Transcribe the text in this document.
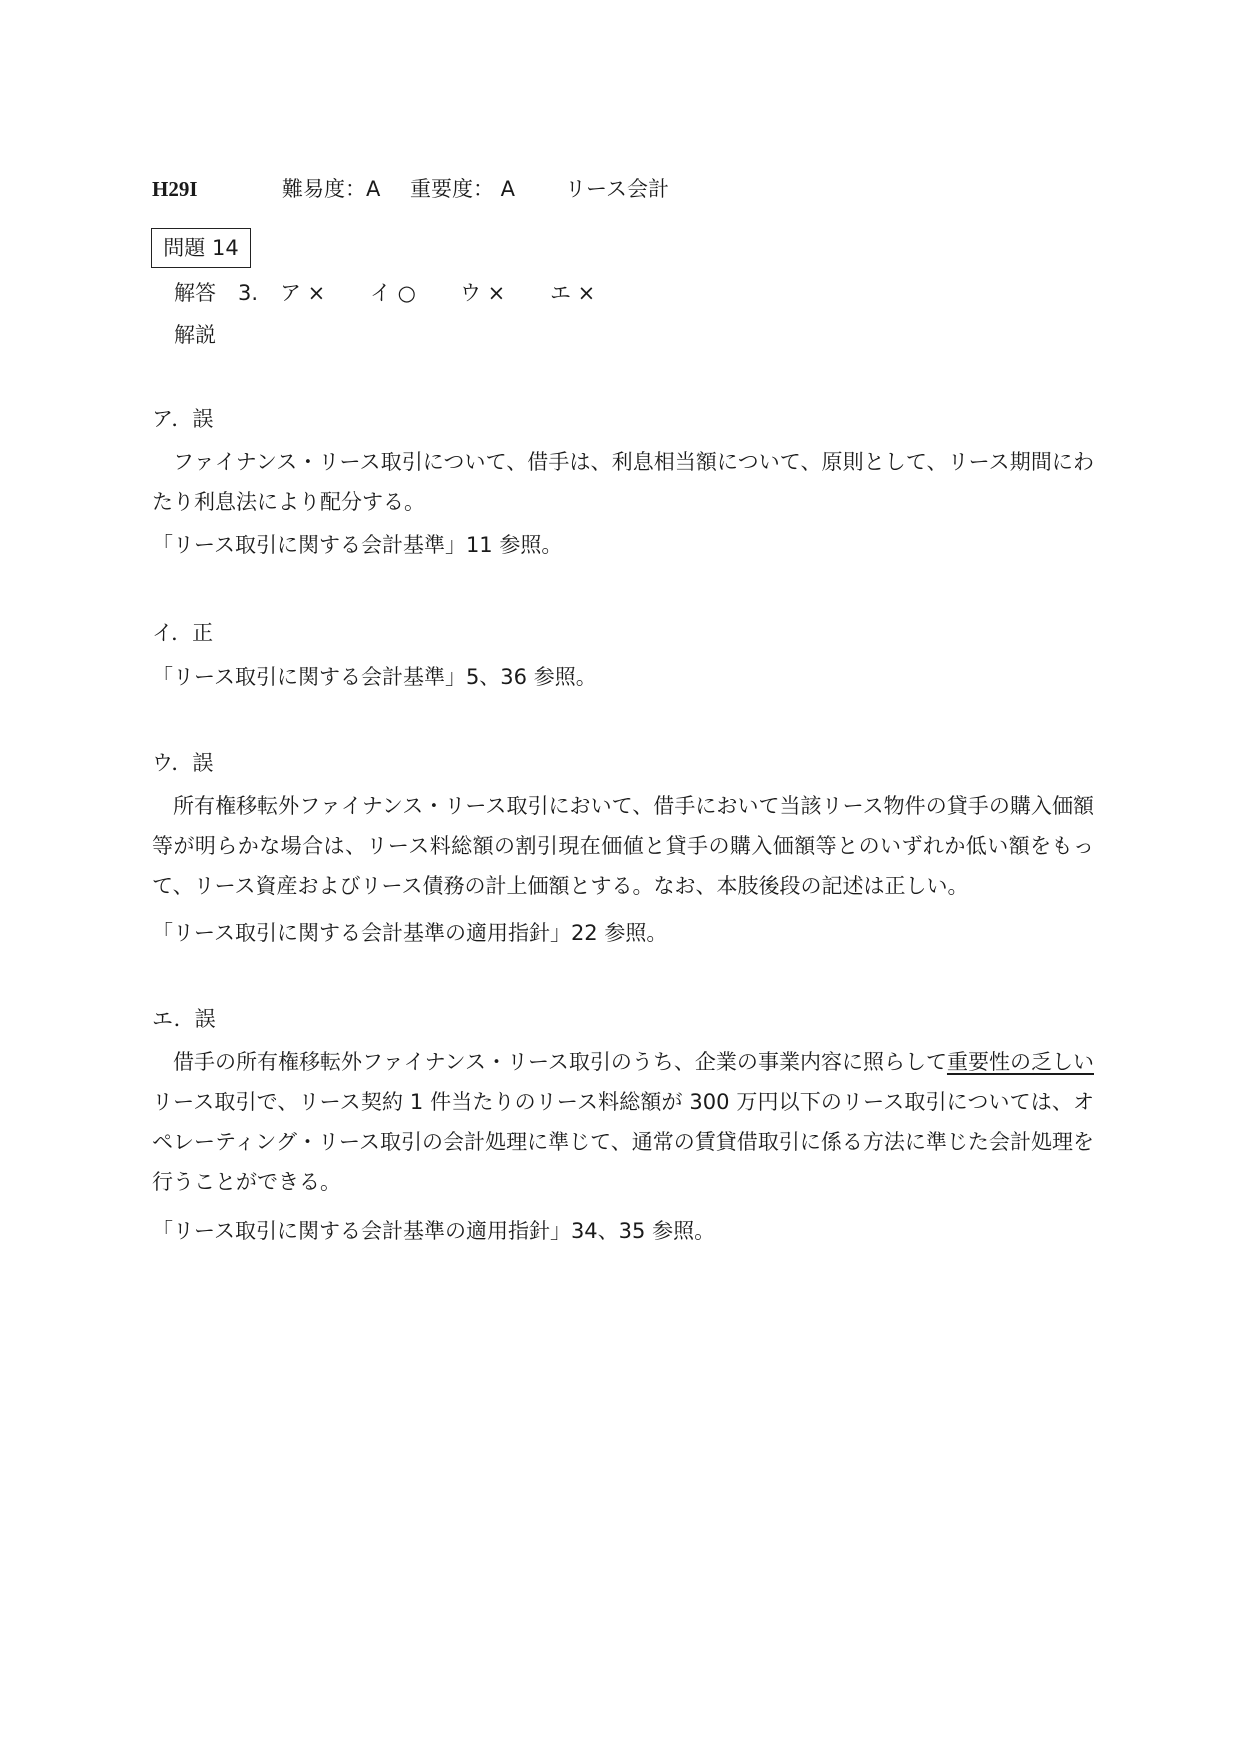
H29I	難易度：A 重要度： A リース会計
問題 14
解答 3. ア × イ ○ ウ × エ ×
解説
ア．誤
ファイナンス・リース取引について、借手は、利息相当額について、原則として、リース期間にわたり利息法により配分する。
「リース取引に関する会計基準」11 参照。
イ．正
「リース取引に関する会計基準」5、36 参照。
ウ．誤
所有権移転外ファイナンス・リース取引において、借手において当該リース物件の貸手の購入価額等が明らかな場合は、リース料総額の割引現在価値と貸手の購入価額等とのいずれか低い額をもって、リース資産およびリース債務の計上価額とする。なお、本肢後段の記述は正しい。
「リース取引に関する会計基準の適用指針」22 参照。
エ．誤
借手の所有権移転外ファイナンス・リース取引のうち、企業の事業内容に照らして重要性の乏しいリース取引で、リース契約 1 件当たりのリース料総額が 300 万円以下のリース取引については、オペレーティング・リース取引の会計処理に準じて、通常の賃貸借取引に係る方法に準じた会計処理を行うことができる。
「リース取引に関する会計基準の適用指針」34、35 参照。
